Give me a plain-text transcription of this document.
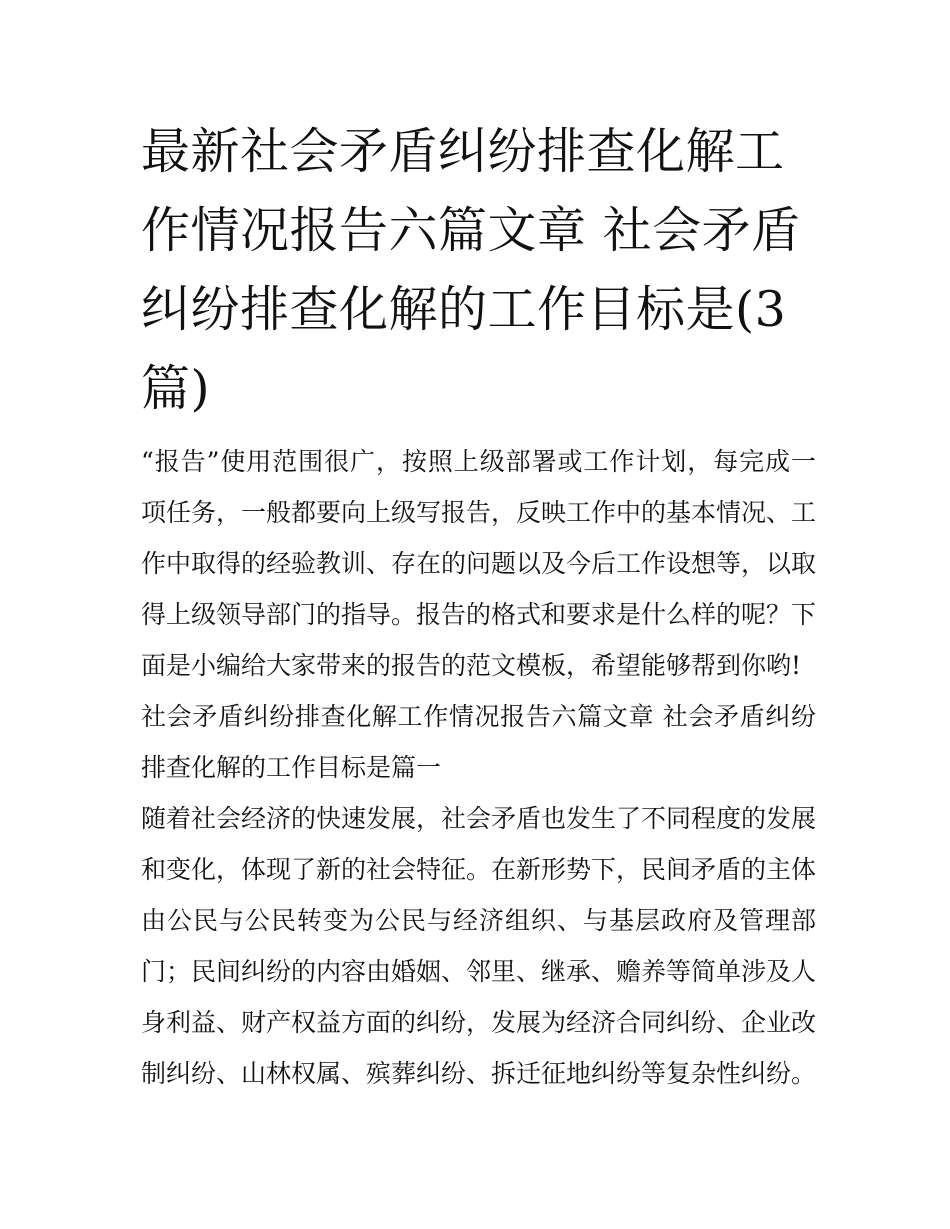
最新社会矛盾纠纷排查化解工作情况报告六篇文章 社会矛盾纠纷排查化解的工作目标是(3篇)

“报告”使用范围很广，按照上级部署或工作计划，每完成一项任务，一般都要向上级写报告，反映工作中的基本情况、工作中取得的经验教训、存在的问题以及今后工作设想等，以取得上级领导部门的指导。报告的格式和要求是什么样的呢？下面是小编给大家带来的报告的范文模板，希望能够帮到你哟!

社会矛盾纠纷排查化解工作情况报告六篇文章 社会矛盾纠纷排查化解的工作目标是篇一

随着社会经济的快速发展，社会矛盾也发生了不同程度的发展和变化，体现了新的社会特征。在新形势下，民间矛盾的主体由公民与公民转变为公民与经济组织、与基层政府及管理部门；民间纠纷的内容由婚姻、邻里、继承、赡养等简单涉及人身利益、财产权益方面的纠纷，发展为经济合同纠纷、企业改制纠纷、山林权属、殡葬纠纷、拆迁征地纠纷等复杂性纠纷。
